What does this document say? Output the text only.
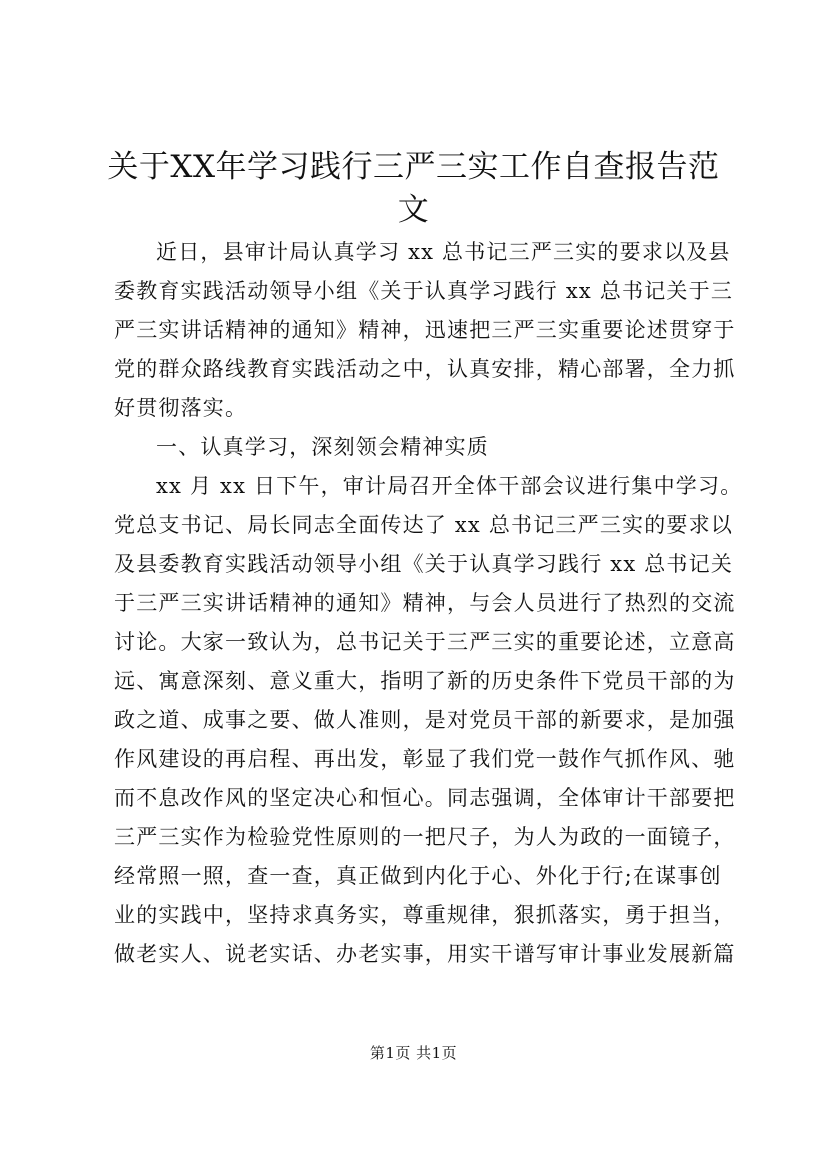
关于XX年学习践行三严三实工作自查报告范
文
近日，县审计局认真学习 xx 总书记三严三实的要求以及县
委教育实践活动领导小组《关于认真学习践行 xx 总书记关于三
严三实讲话精神的通知》精神，迅速把三严三实重要论述贯穿于
党的群众路线教育实践活动之中，认真安排，精心部署，全力抓
好贯彻落实。
一、认真学习，深刻领会精神实质
xx 月 xx 日下午，审计局召开全体干部会议进行集中学习。
党总支书记、局长同志全面传达了 xx 总书记三严三实的要求以
及县委教育实践活动领导小组《关于认真学习践行 xx 总书记关
于三严三实讲话精神的通知》精神，与会人员进行了热烈的交流
讨论。大家一致认为，总书记关于三严三实的重要论述，立意高
远、寓意深刻、意义重大，指明了新的历史条件下党员干部的为
政之道、成事之要、做人准则，是对党员干部的新要求，是加强
作风建设的再启程、再出发，彰显了我们党一鼓作气抓作风、驰
而不息改作风的坚定决心和恒心。同志强调，全体审计干部要把
三严三实作为检验党性原则的一把尺子，为人为政的一面镜子，
经常照一照，查一查，真正做到内化于心、外化于行;在谋事创
业的实践中，坚持求真务实，尊重规律，狠抓落实，勇于担当，
做老实人、说老实话、办老实事，用实干谱写审计事业发展新篇
第1页 共1页
